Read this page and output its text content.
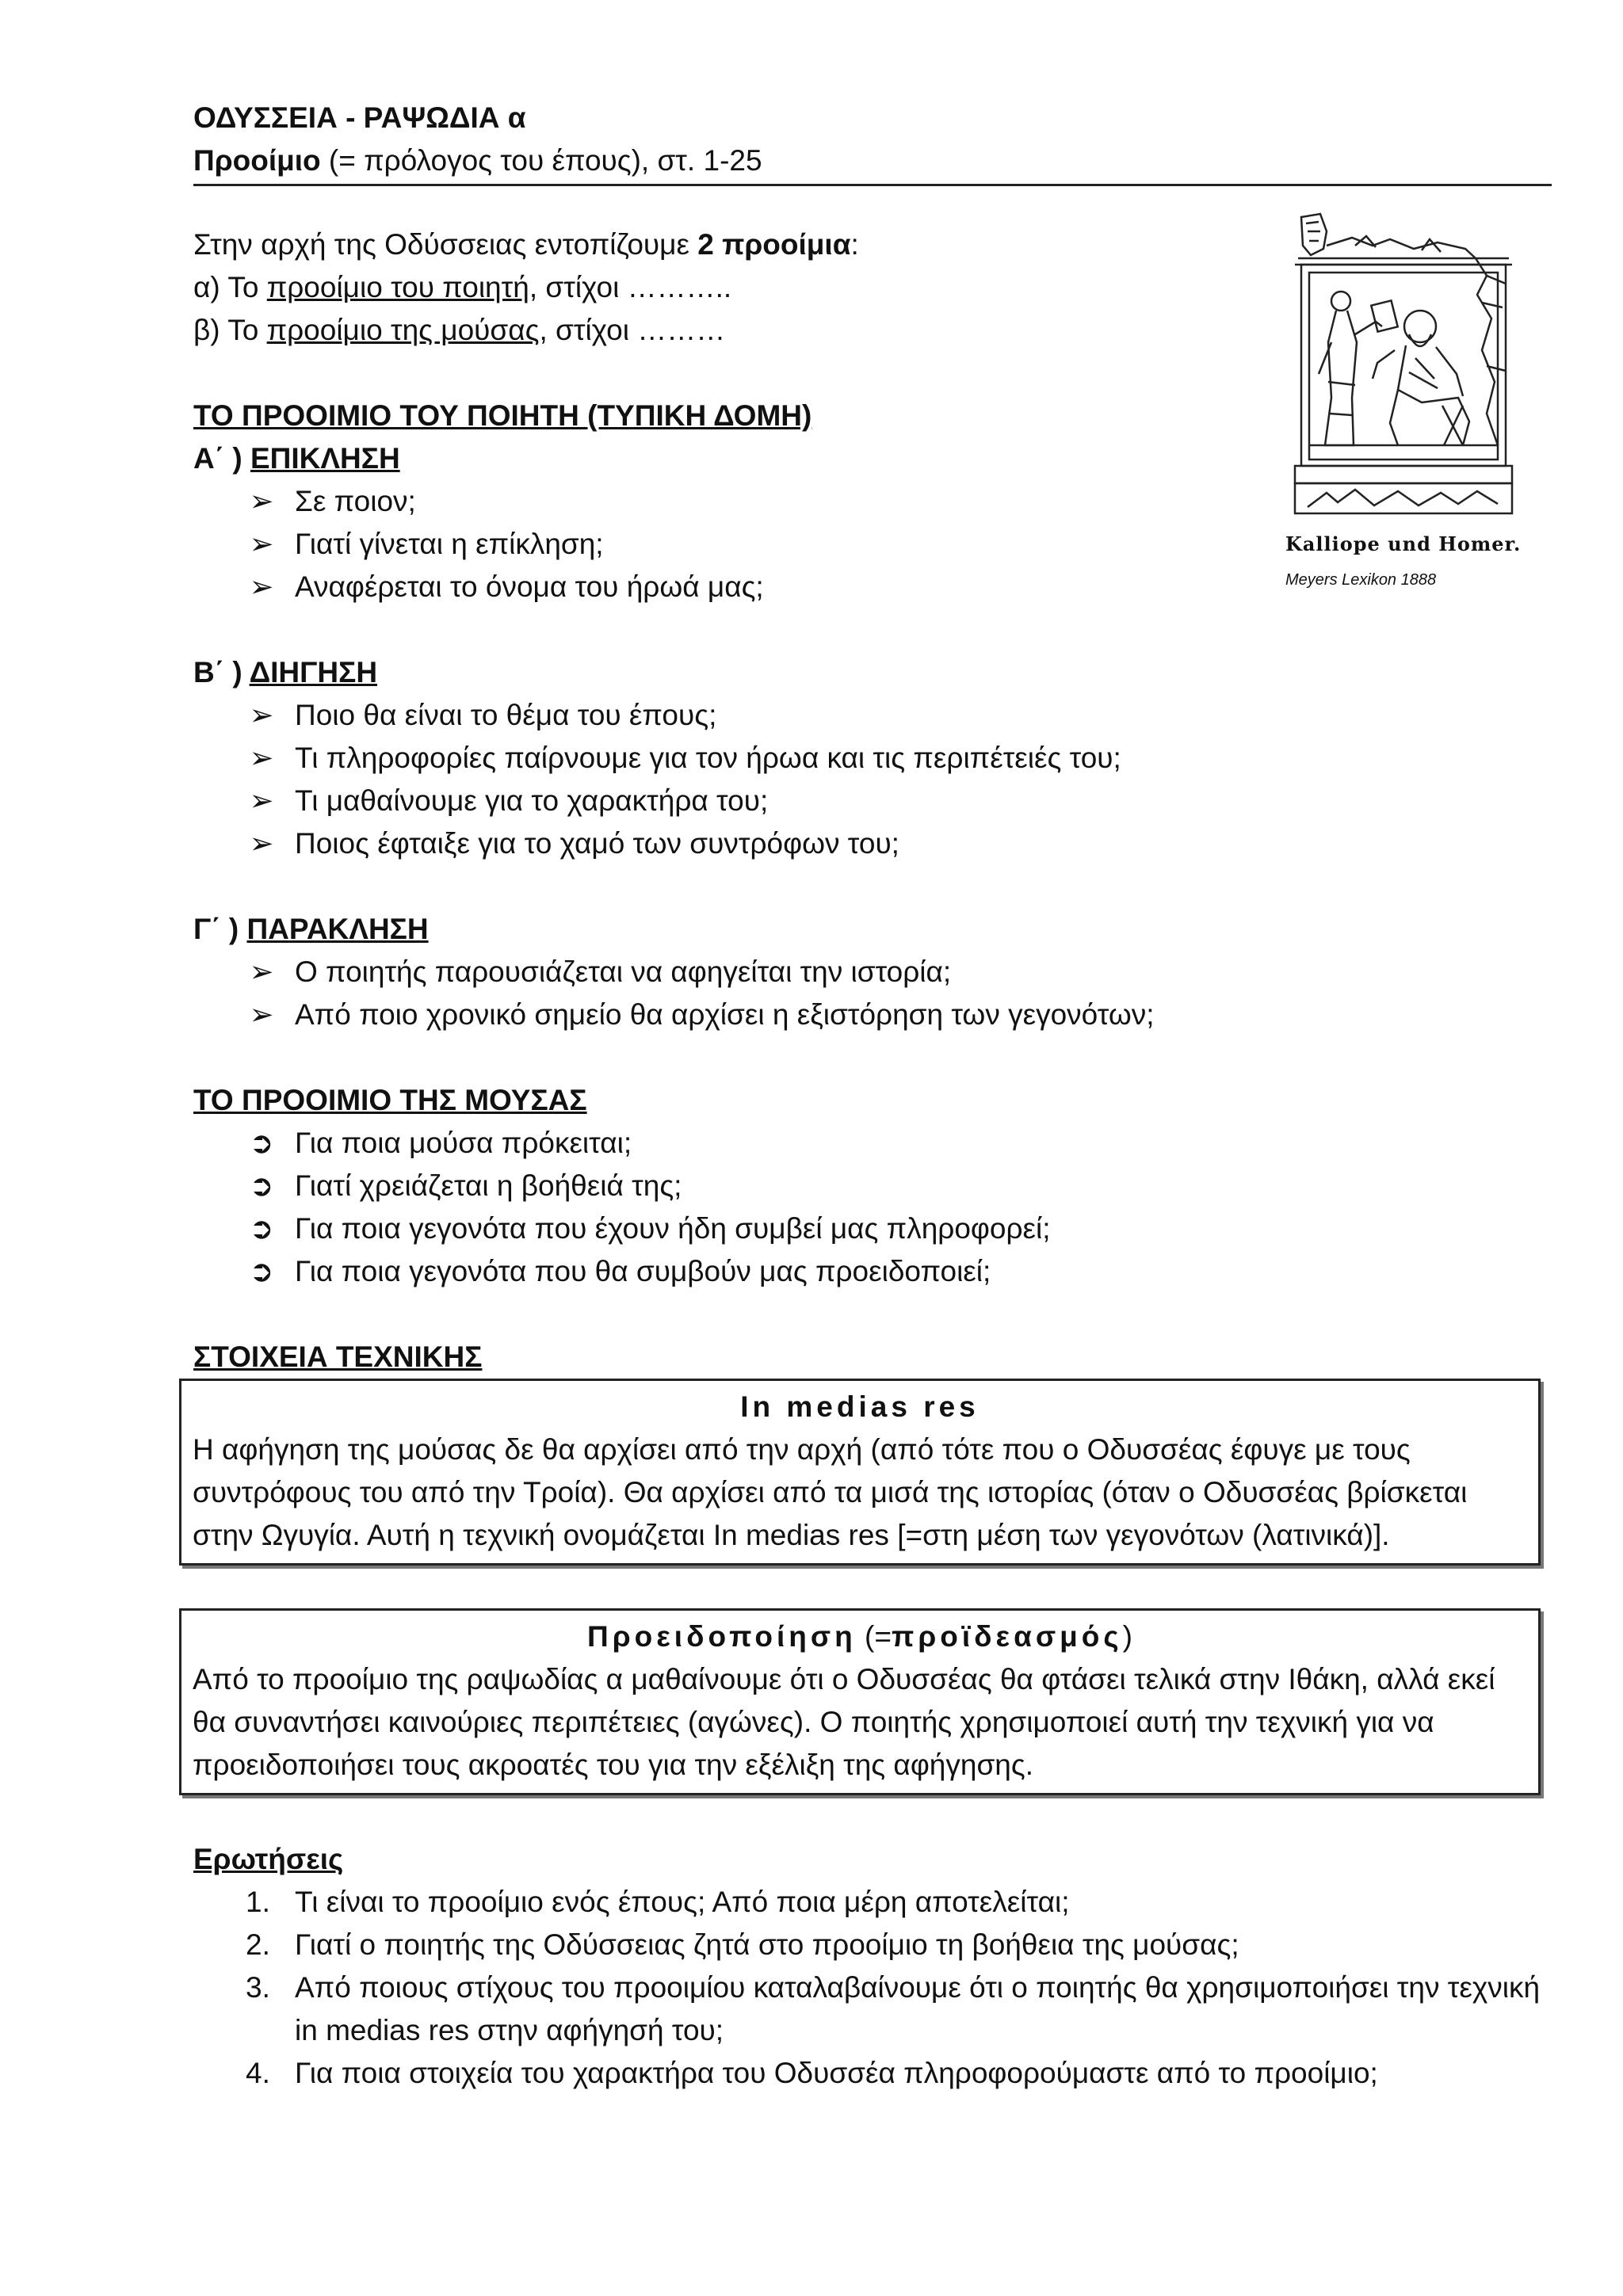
ΟΔΥΣΣΕΙΑ - ΡΑΨΩΔΙΑ α
Προοίμιο (= πρόλογος του έπους), στ. 1-25
Στην αρχή της Οδύσσειας εντοπίζουμε 2 προοίμια:
α) Το προοίμιο του ποιητή, στίχοι ………..
β) Το προοίμιο της μούσας, στίχοι ………
ΤΟ ΠΡΟΟΙΜΙΟ ΤΟΥ ΠΟΙΗΤΗ (ΤΥΠΙΚΗ ΔΟΜΗ)
Α΄ ) ΕΠΙΚΛΗΣΗ
➢ Σε ποιον;
➢ Γιατί γίνεται η επίκληση;
➢ Αναφέρεται το όνομα του ήρωά μας;
Β΄ ) ΔΙΗΓΗΣΗ
➢ Ποιο θα είναι το θέμα του έπους;
➢ Τι πληροφορίες παίρνουμε για τον ήρωα και τις περιπέτειές του;
➢ Τι μαθαίνουμε για το χαρακτήρα του;
➢ Ποιος έφταιξε για το χαμό των συντρόφων του;
Γ΄ ) ΠΑΡΑΚΛΗΣΗ
➢ Ο ποιητής παρουσιάζεται να αφηγείται την ιστορία;
➢ Από ποιο χρονικό σημείο θα αρχίσει η εξιστόρηση των γεγονότων;
ΤΟ ΠΡΟΟΙΜΙΟ ΤΗΣ ΜΟΥΣΑΣ
➲ Για ποια μούσα πρόκειται;
➲ Γιατί χρειάζεται η βοήθειά της;
➲ Για ποια γεγονότα που έχουν ήδη συμβεί μας πληροφορεί;
➲ Για ποια γεγονότα που θα συμβούν μας προειδοποιεί;
ΣΤΟΙΧΕΙΑ ΤΕΧΝΙΚΗΣ
In medias res
Η αφήγηση της μούσας δε θα αρχίσει από την αρχή (από τότε που ο Οδυσσέας έφυγε με τους συντρόφους του από την Τροία). Θα αρχίσει από τα μισά της ιστορίας (όταν ο Οδυσσέας βρίσκεται στην Ωγυγία. Αυτή η τεχνική ονομάζεται In medias res [=στη μέση των γεγονότων (λατινικά)].
Προειδοποίηση (=προϊδεασμός)
Από το προοίμιο της ραψωδίας α μαθαίνουμε ότι ο Οδυσσέας θα φτάσει τελικά στην Ιθάκη, αλλά εκεί θα συναντήσει καινούριες περιπέτειες (αγώνες). Ο ποιητής χρησιμοποιεί αυτή την τεχνική για να προειδοποιήσει τους ακροατές του για την εξέλιξη της αφήγησης.
Ερωτήσεις
1. Τι είναι το προοίμιο ενός έπους; Από ποια μέρη αποτελείται;
2. Γιατί ο ποιητής της Οδύσσειας ζητά στο προοίμιο τη βοήθεια της μούσας;
3. Από ποιους στίχους του προοιμίου καταλαβαίνουμε ότι ο ποιητής θα χρησιμοποιήσει την τεχνική in medias res στην αφήγησή του;
4. Για ποια στοιχεία του χαρακτήρα του Οδυσσέα πληροφορούμαστε από το προοίμιο;
Kalliope und Homer.
Meyers Lexikon 1888
